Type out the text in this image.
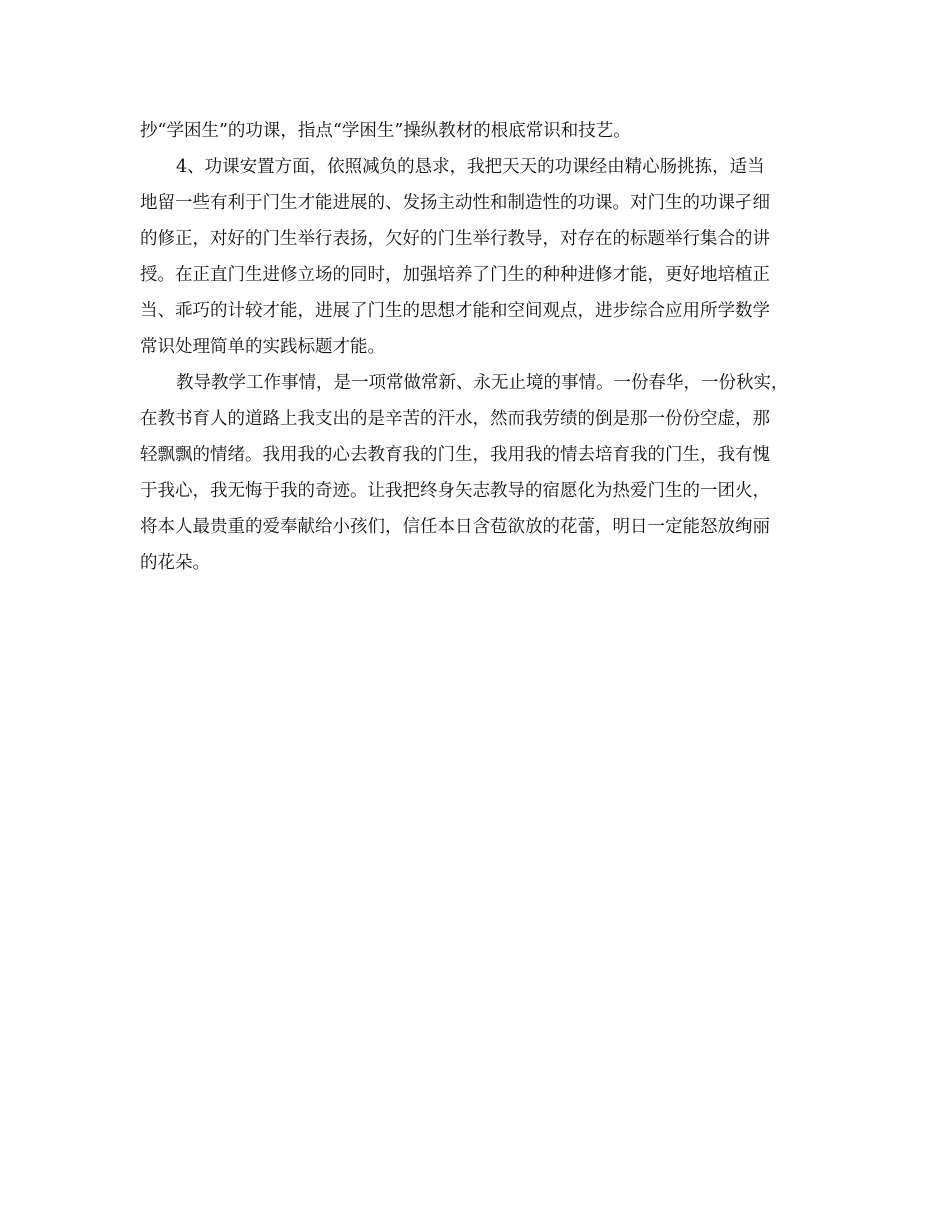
抄“学困生”的功课，指点“学困生”操纵教材的根底常识和技艺。
4、功课安置方面，依照减负的恳求，我把天天的功课经由精心肠挑拣，适当
地留一些有利于门生才能进展的、发扬主动性和制造性的功课。对门生的功课孑细
的修正，对好的门生举行表扬，欠好的门生举行教导，对存在的标题举行集合的讲
授。在正直门生进修立场的同时，加强培养了门生的种种进修才能，更好地培植正
当、乖巧的计较才能，进展了门生的思想才能和空间观点，进步综合应用所学数学
常识处理简单的实践标题才能。
教导教学工作事情，是一项常做常新、永无止境的事情。一份春华，一份秋实，
在教书育人的道路上我支出的是辛苦的汗水，然而我劳绩的倒是那一份份空虚，那
轻飘飘的情绪。我用我的心去教育我的门生，我用我的情去培育我的门生，我有愧
于我心，我无悔于我的奇迹。让我把终身矢志教导的宿愿化为热爱门生的一团火，
将本人最贵重的爱奉献给小孩们，信任本日含苞欲放的花蕾，明日一定能怒放绚丽
的花朵。
